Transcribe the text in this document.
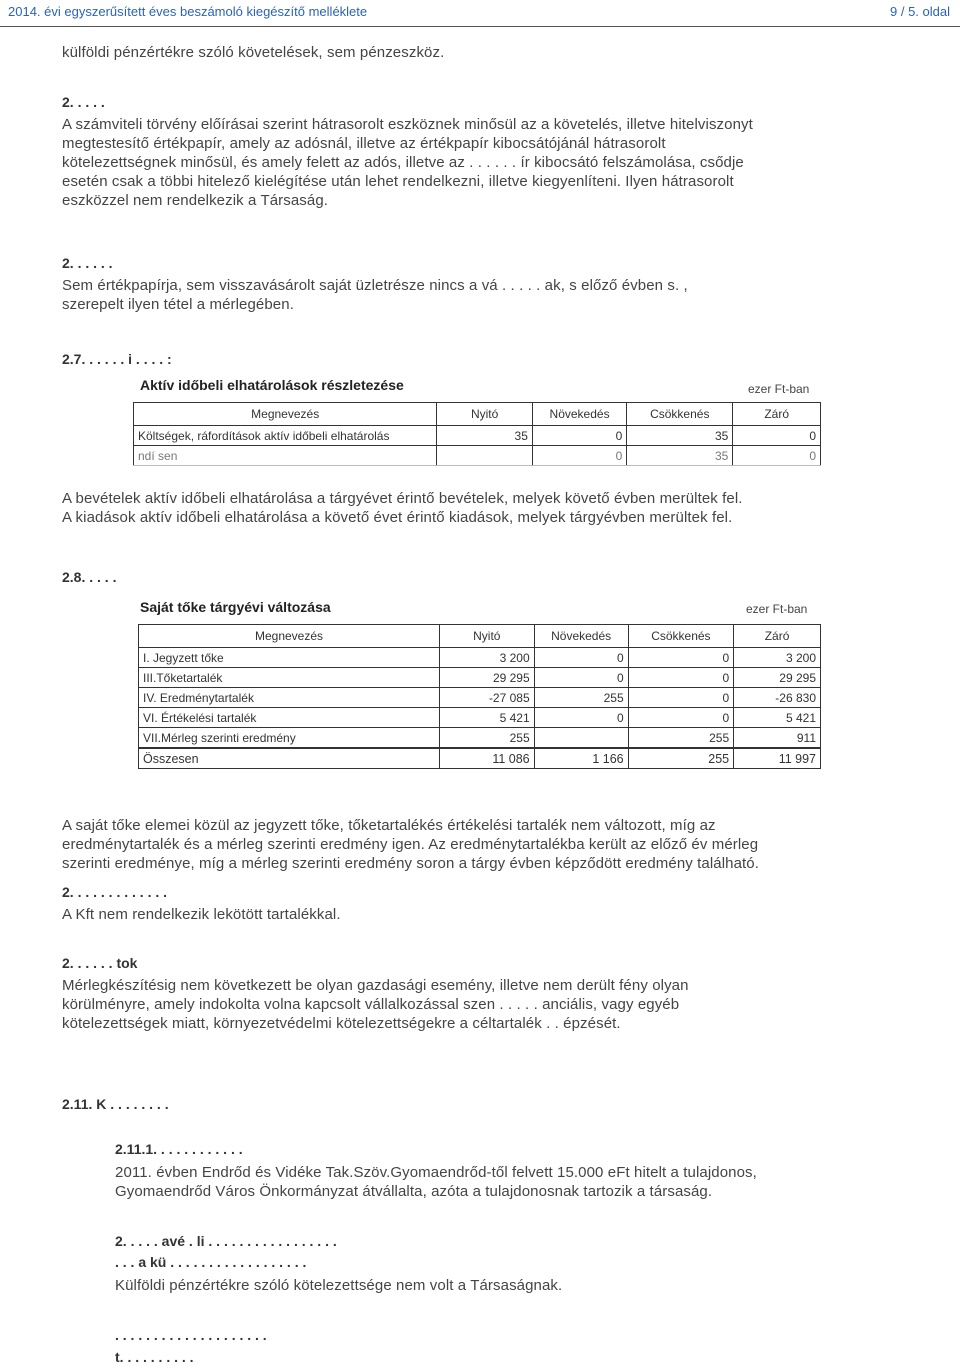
2014. évi egyszerűsített éves beszámoló kiegészítő melléklete	9 / 5. oldal
külföldi pénzértékre szóló követelések, sem pénzeszköz.
2. . . . .
A számviteli törvény előírásai szerint hátrasorolt eszköznek minősül az a követelés, illetve hitelviszonyt
megtestesítő értékpapír, amely az adósnál, illetve az értékpapír kibocsátójánál hátrasorolt
kötelezettségnek minősül, és amely felett az adós, illetve az . . . . . . ír kibocsátó felszámolása, csődje
esetén csak a többi hitelező kielégítése után lehet rendelkezni, illetve kiegyenlíteni. Ilyen hátrasorolt
eszközzel nem rendelkezik a Társaság.
2. . . . . .
Sem értékpapírja, sem visszavásárolt saját üzletrésze nincs a vá . . . . . ak, s előző évben s. ,
szerepelt ilyen tétel a mérlegében.
2.7. . . . . . i . . . . :
Aktív időbeli elhatárolások részletezése	ezer Ft-ban
Megnevezés	Nyitó	Növekedés	Csökkenés	Záró
Költségek, ráfordítások aktív időbeli elhatárolás	35	0	35	0
ndí sen		0	35	0
A bevételek aktív időbeli elhatárolása a tárgyévet érintő bevételek, melyek követő évben merültek fel.
A kiadások aktív időbeli elhatárolása a követő évet érintő kiadások, melyek tárgyévben merültek fel.
2.8. . . . .
Saját tőke tárgyévi változása	ezer Ft-ban
Megnevezés	Nyitó	Növekedés	Csökkenés	Záró
I. Jegyzett tőke	3 200	0	0	3 200
III.Tőketartalék	29 295	0	0	29 295
IV. Eredménytartalék	-27 085	255	0	-26 830
VI. Értékelési tartalék	5 421	0	0	5 421
VII.Mérleg szerinti eredmény	255		255	911
Összesen	11 086	1 166	255	11 997
A saját tőke elemei közül az jegyzett tőke, tőketartalékés értékelési tartalék nem változott, míg az
eredménytartalék és a mérleg szerinti eredmény igen. Az eredménytartalékba került az előző év mérleg
szerinti eredménye, míg a mérleg szerinti eredmény soron a tárgy évben képződött eredmény található.
2. . . . . . . . . . . . .
A Kft nem rendelkezik lekötött tartalékkal.
2. . . . . . tok
Mérlegkészítésig nem következett be olyan gazdasági esemény, illetve nem derült fény olyan
körülményre, amely indokolta volna kapcsolt vállalkozással szen . . . . . anciális, vagy egyéb
kötelezettségek miatt, környezetvédelmi kötelezettségekre a céltartalék . . épzését.
2.11. K . . . . . . . .
2.11.1. . . . . . . . . . . .
2011. évben Endrőd és Vidéke Tak.Szöv.Gyomaendrőd-től felvett 15.000 eFt hitelt a tulajdonos,
Gyomaendrőd Város Önkormányzat átvállalta, azóta a tulajdonosnak tartozik a társaság.
2. . . . . avé . li . . . . . . . . . . . . . . . . .
. . . a kü . . . . . . . . . . . . . . . . . .
Külföldi pénzértékre szóló kötelezettsége nem volt a Társaságnak.
. . . . . . . . . . . . . . . . . . . .
t. . . . . . . . . .
